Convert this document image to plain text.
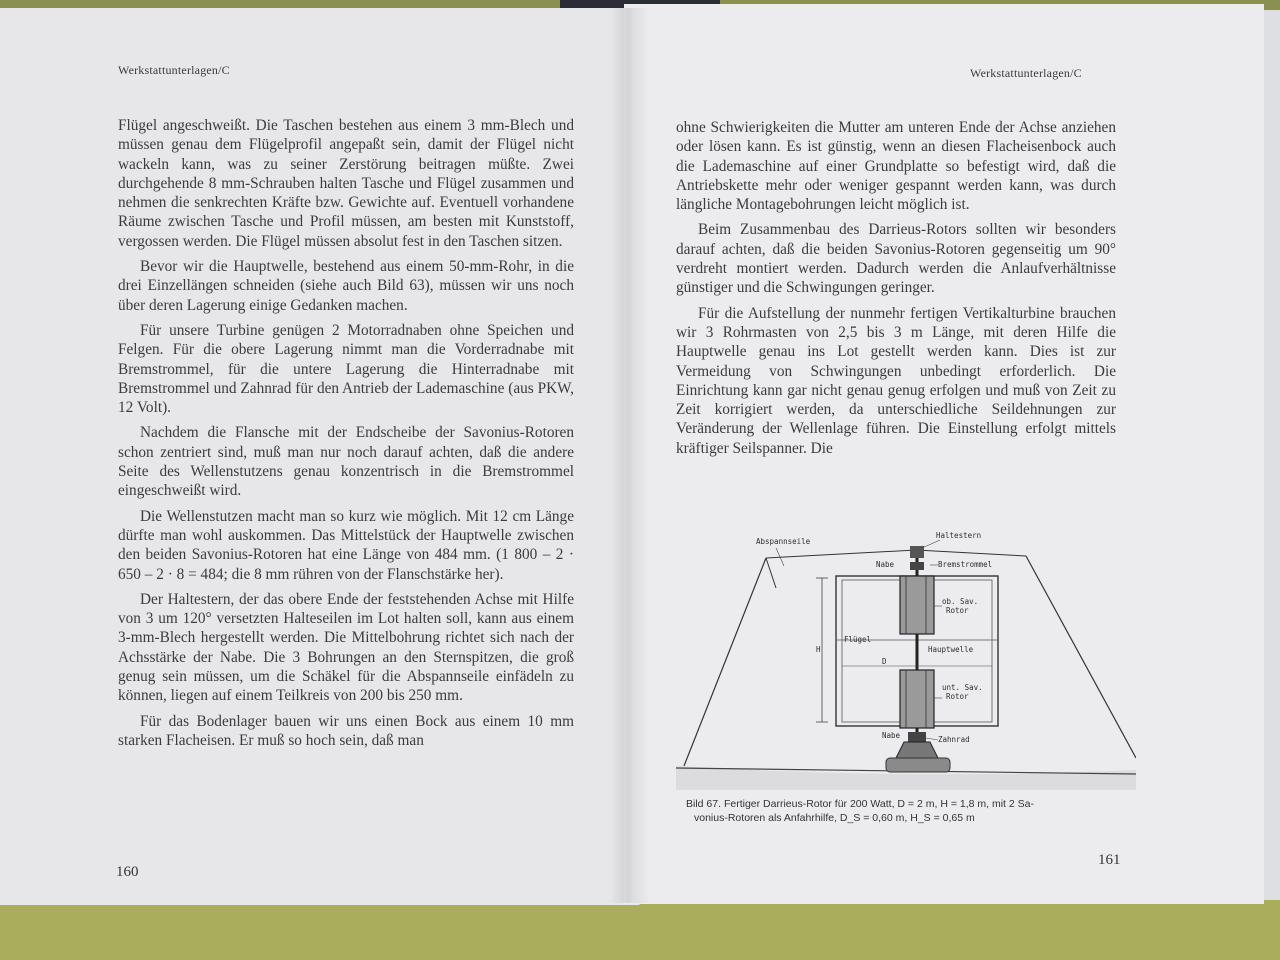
Werkstattunterlagen/C

Flügel angeschweißt. Die Taschen bestehen aus einem 3 mm-Blech und müssen genau dem Flügelprofil angepaßt sein, damit der Flügel nicht wackeln kann, was zu seiner Zerstörung beitragen müßte. Zwei durchgehende 8 mm-Schrauben halten Tasche und Flügel zusammen und nehmen die senkrechten Kräfte bzw. Gewichte auf. Eventuell vorhandene Räume zwischen Tasche und Profil müssen, am besten mit Kunststoff, vergossen werden. Die Flügel müssen absolut fest in den Taschen sitzen.

Bevor wir die Hauptwelle, bestehend aus einem 50-mm-Rohr, in die drei Einzellängen schneiden (siehe auch Bild 63), müssen wir uns noch über deren Lagerung einige Gedanken machen.

Für unsere Turbine genügen 2 Motorradnaben ohne Speichen und Felgen. Für die obere Lagerung nimmt man die Vorderradnabe mit Bremstrommel, für die untere Lagerung die Hinterradnabe mit Bremstrommel und Zahnrad für den Antrieb der Lademaschine (aus PKW, 12 Volt).

Nachdem die Flansche mit der Endscheibe der Savonius-Rotoren schon zentriert sind, muß man nur noch darauf achten, daß die andere Seite des Wellenstutzens genau konzentrisch in die Bremstrommel eingeschweißt wird.

Die Wellenstutzen macht man so kurz wie möglich. Mit 12 cm Länge dürfte man wohl auskommen. Das Mittelstück der Hauptwelle zwischen den beiden Savonius-Rotoren hat eine Länge von 484 mm. (1 800 – 2 · 650 – 2 · 8 = 484; die 8 mm rühren von der Flanschstärke her).

Der Haltestern, der das obere Ende der feststehenden Achse mit Hilfe von 3 um 120° versetzten Halteseilen im Lot halten soll, kann aus einem 3-mm-Blech hergestellt werden. Die Mittelbohrung richtet sich nach der Achsstärke der Nabe. Die 3 Bohrungen an den Sternspitzen, die groß genug sein müssen, um die Schäkel für die Abspannseile einfädeln zu können, liegen auf einem Teilkreis von 200 bis 250 mm.

Für das Bodenlager bauen wir uns einen Bock aus einem 10 mm starken Flacheisen. Er muß so hoch sein, daß man

160
Werkstattunterlagen/C

ohne Schwierigkeiten die Mutter am unteren Ende der Achse anziehen oder lösen kann. Es ist günstig, wenn an diesen Flacheisenbock auch die Lademaschine auf einer Grundplatte so befestigt wird, daß die Antriebskette mehr oder weniger gespannt werden kann, was durch längliche Montagebohrungen leicht möglich ist.

Beim Zusammenbau des Darrieus-Rotors sollten wir besonders darauf achten, daß die beiden Savonius-Rotoren gegenseitig um 90° verdreht montiert werden. Dadurch werden die Anlaufverhältnisse günstiger und die Schwingungen geringer.

Für die Aufstellung der nunmehr fertigen Vertikalturbine brauchen wir 3 Rohrmasten von 2,5 bis 3 m Länge, mit deren Hilfe die Hauptwelle genau ins Lot gestellt werden kann. Dies ist zur Vermeidung von Schwingungen unbedingt erforderlich. Die Einrichtung kann gar nicht genau genug erfolgen und muß von Zeit zu Zeit korrigiert werden, da unterschiedliche Seildehnungen zur Veränderung der Wellenlage führen. Die Einstellung erfolgt mittels kräftiger Seilspanner. Die

Abspannseile
Haltestern
Nabe	Bremstrommel
ob. Sav.
Rotor
Flügel
Hauptwelle
H
D
unt. Sav.
Rotor
Nabe	Zahnrad
Bild 67. Fertiger Darrieus-Rotor für 200 Watt, D = 2 m, H = 1,8 m, mit 2 Sa-
vonius-Rotoren als Anfahrhilfe, D_S = 0,60 m, H_S = 0,65 m
161
